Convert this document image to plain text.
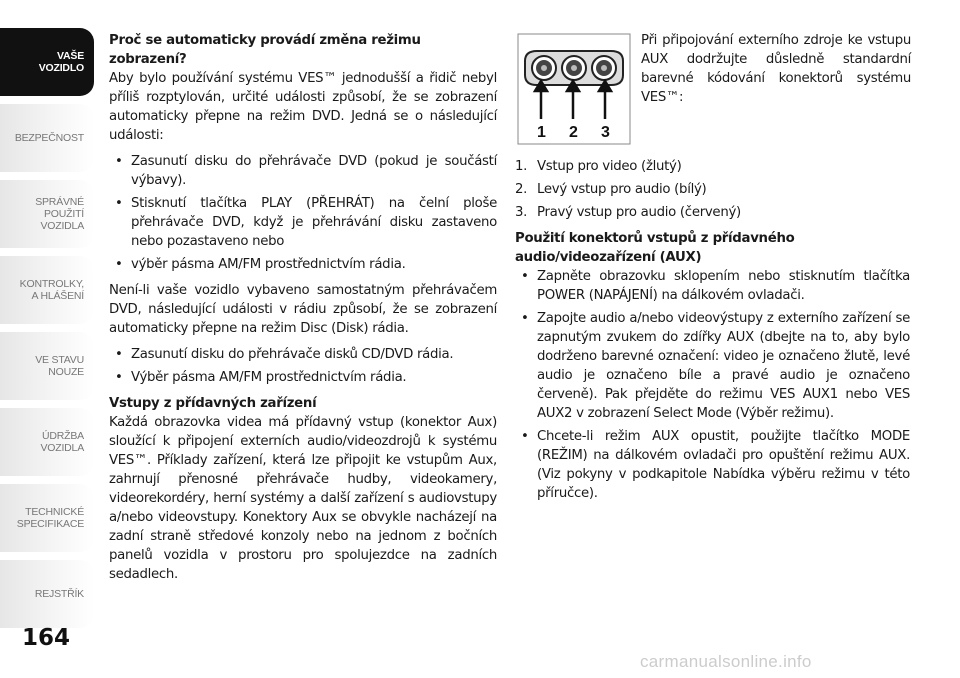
VAŠE
VOZIDLO
BEZPEČNOST
SPRÁVNÉ
POUŽITÍ
VOZIDLA
KONTROLKY,
A HLÁŠENÍ
VE STAVU
NOUZE
ÚDRŽBA
VOZIDLA
TECHNICKÉ
SPECIFIKACE
REJSTŘÍK
164
Proč se automaticky provádí změna režimu zobrazení?

Aby bylo používání systému VES™ jednodušší a řidič nebyl příliš rozptylován, určité události způsobí, že se zobrazení automaticky přepne na režim DVD. Jedná se o následující události:

• Zasunutí disku do přehrávače DVD (pokud je součástí výbavy).
• Stisknutí tlačítka PLAY (PŘEHRÁT) na čelní ploše přehrávače DVD, když je přehrávání disku zastaveno nebo pozastaveno nebo
• výběr pásma AM/FM prostřednictvím rádia.

Není-li vaše vozidlo vybaveno samostatným přehrávačem DVD, následující události v rádiu způsobí, že se zobrazení automaticky přepne na režim Disc (Disk) rádia.

• Zasunutí disku do přehrávače disků CD/DVD rádia.
• Výběr pásma AM/FM prostřednictvím rádia.
Vstupy z přídavných zařízení

Každá obrazovka videa má přídavný vstup (konektor Aux) sloužící k připojení externích audio/videozdrojů k systému VES™. Příklady zařízení, která lze připojit ke vstupům Aux, zahrnují přenosné přehrávače hudby, videokamery, videorekordéry, herní systémy a další zařízení s audiovstupy a/nebo videovstupy. Konektory Aux se obvykle nacházejí na zadní straně středové konzoly nebo na jednom z bočních panelů vozidla v prostoru pro spolujezdce na zadních sedadlech.

1 2 3
Při připojování externího zdroje ke vstupu AUX dodržujte důsledně standardní barevné kódování konektorů systému VES™:
1. Vstup pro video (žlutý)
2. Levý vstup pro audio (bílý)
3. Pravý vstup pro audio (červený)
Použití konektorů vstupů z přídavného audio/videozařízení (AUX)
• Zapněte obrazovku sklopením nebo stisknutím tlačítka POWER (NAPÁJENÍ) na dálkovém ovladači.
• Zapojte audio a/nebo videovýstupy z externího zařízení se zapnutým zvukem do zdířky AUX (dbejte na to, aby bylo dodrženo barevné označení: video je označeno žlutě, levé audio je označeno bíle a pravé audio je označeno červeně). Pak přejděte do režimu VES AUX1 nebo VES AUX2 v zobrazení Select Mode (Výběr režimu).
• Chcete-li režim AUX opustit, použijte tlačítko MODE (REŽIM) na dálkovém ovladači pro opuštění režimu AUX. (Viz pokyny v podkapitole Nabídka výběru režimu v této příručce).
carmanualsonline.info
